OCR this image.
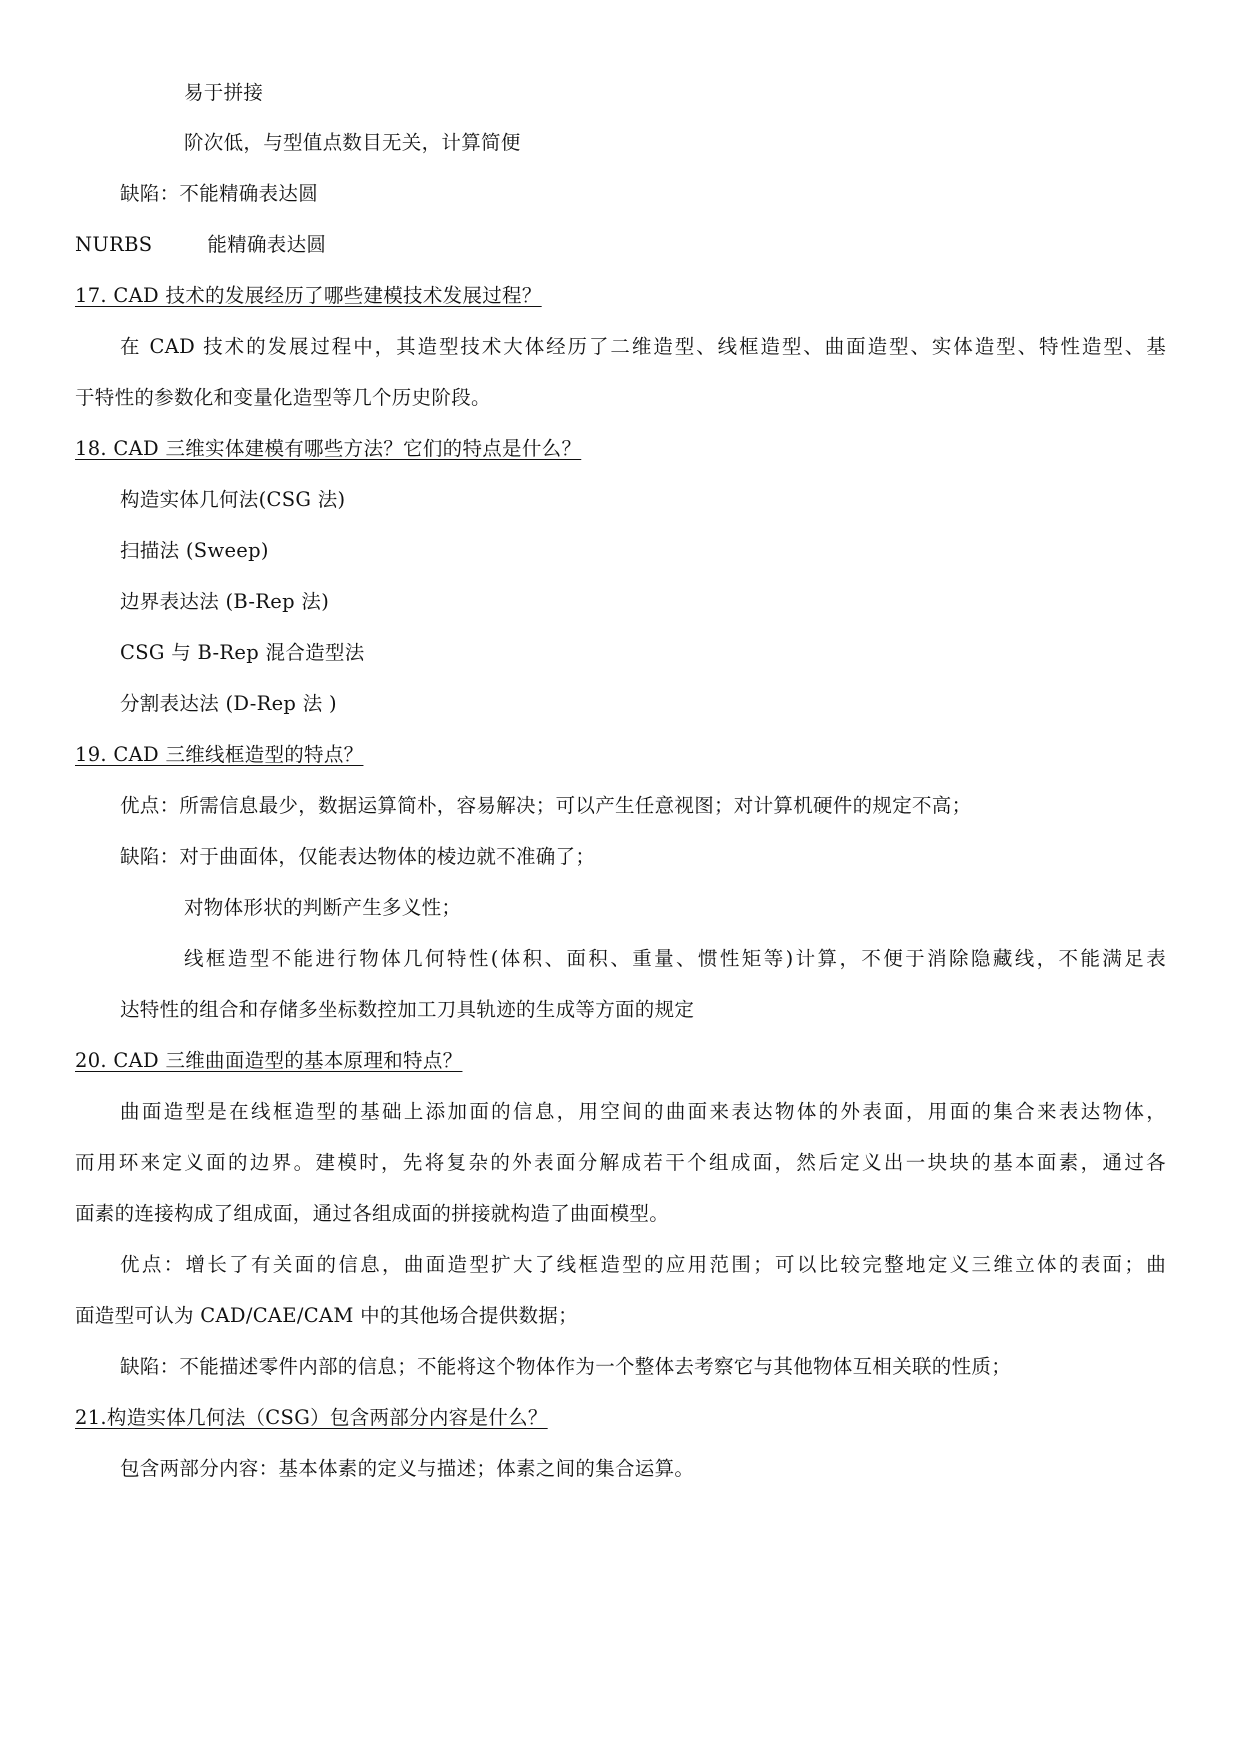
易于拼接
阶次低，与型值点数目无关，计算简便
缺陷：不能精确表达圆
NURBS	能精确表达圆
17. CAD 技术的发展经历了哪些建模技术发展过程？
在 CAD 技术的发展过程中，其造型技术大体经历了二维造型、线框造型、曲面造型、实体造型、特性造型、基
于特性的参数化和变量化造型等几个历史阶段。
18. CAD 三维实体建模有哪些方法？它们的特点是什么？
构造实体几何法(CSG 法)
扫描法 (Sweep)
边界表达法 (B-Rep 法)
CSG 与 B-Rep 混合造型法
分割表达法 (D-Rep 法 )
19. CAD 三维线框造型的特点？
优点：所需信息最少，数据运算简朴，容易解决；可以产生任意视图；对计算机硬件的规定不高；
缺陷：对于曲面体，仅能表达物体的棱边就不准确了；
对物体形状的判断产生多义性；
线框造型不能进行物体几何特性(体积、面积、重量、惯性矩等)计算，不便于消除隐藏线，不能满足表
达特性的组合和存储多坐标数控加工刀具轨迹的生成等方面的规定
20. CAD 三维曲面造型的基本原理和特点？
曲面造型是在线框造型的基础上添加面的信息，用空间的曲面来表达物体的外表面，用面的集合来表达物体，
而用环来定义面的边界。建模时，先将复杂的外表面分解成若干个组成面，然后定义出一块块的基本面素，通过各
面素的连接构成了组成面，通过各组成面的拼接就构造了曲面模型。
优点：增长了有关面的信息，曲面造型扩大了线框造型的应用范围；可以比较完整地定义三维立体的表面；曲
面造型可认为 CAD/CAE/CAM 中的其他场合提供数据；
缺陷：不能描述零件内部的信息；不能将这个物体作为一个整体去考察它与其他物体互相关联的性质；
21.构造实体几何法（CSG）包含两部分内容是什么？
包含两部分内容：基本体素的定义与描述；体素之间的集合运算。
